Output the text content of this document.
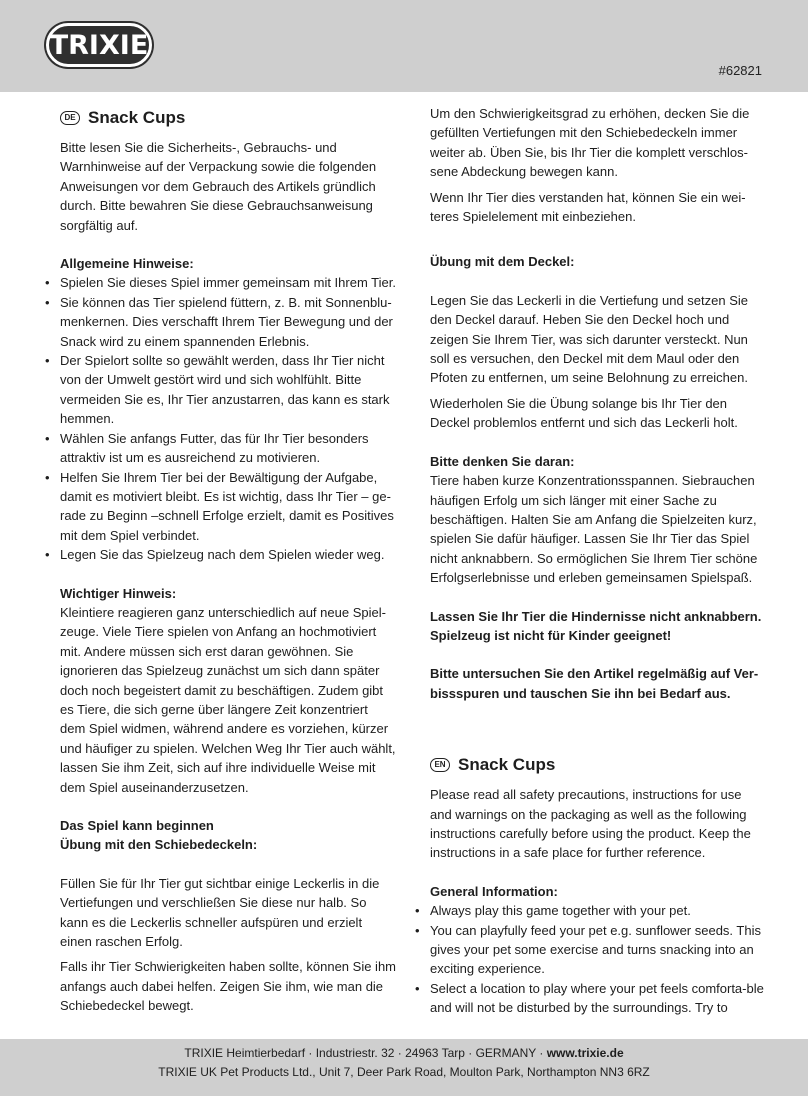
TRIXIE
#62821
DE Snack Cups

Bitte lesen Sie die Sicherheits-, Gebrauchs- und Warnhinweise auf der Verpackung sowie die folgenden Anweisungen vor dem Gebrauch des Artikels gründlich durch. Bitte bewahren Sie diese Gebrauchsanweisung sorgfältig auf.

Allgemeine Hinweise:

• Spielen Sie dieses Spiel immer gemeinsam mit Ihrem Tier.
• Sie können das Tier spielend füttern, z. B. mit Sonnenblu-menkernen. Dies verschafft Ihrem Tier Bewegung und der Snack wird zu einem spannenden Erlebnis.
• Der Spielort sollte so gewählt werden, dass Ihr Tier nicht von der Umwelt gestört wird und sich wohlfühlt. Bitte vermeiden Sie es, Ihr Tier anzustarren, das kann es stark hemmen.
• Wählen Sie anfangs Futter, das für Ihr Tier besonders attraktiv ist um es ausreichend zu motivieren.
• Helfen Sie Ihrem Tier bei der Bewältigung der Aufgabe, damit es motiviert bleibt. Es ist wichtig, dass Ihr Tier – ge-rade zu Beginn –schnell Erfolge erzielt, damit es Positives mit dem Spiel verbindet.
• Legen Sie das Spielzeug nach dem Spielen wieder weg.

Wichtiger Hinweis:

Kleintiere reagieren ganz unterschiedlich auf neue Spiel-zeuge. Viele Tiere spielen von Anfang an hochmotiviert mit. Andere müssen sich erst daran gewöhnen. Sie ignorieren das Spielzeug zunächst um sich dann später doch noch begeistert damit zu beschäftigen. Zudem gibt es Tiere, die sich gerne über längere Zeit konzentriert dem Spiel widmen, während andere es vorziehen, kürzer und häufiger zu spielen. Welchen Weg Ihr Tier auch wählt, lassen Sie ihm Zeit, sich auf ihre individuelle Weise mit dem Spiel auseinanderzusetzen.

Das Spiel kann beginnen

Übung mit den Schiebedeckeln:

Füllen Sie für Ihr Tier gut sichtbar einige Leckerlis in die Vertiefungen und verschließen Sie diese nur halb. So kann es die Leckerlis schneller aufspüren und erzielt einen raschen Erfolg.

Falls ihr Tier Schwierigkeiten haben sollte, können Sie ihm anfangs auch dabei helfen. Zeigen Sie ihm, wie man die Schiebedeckel bewegt.

Um den Schwierigkeitsgrad zu erhöhen, decken Sie die gefüllten Vertiefungen mit den Schiebedeckeln immer weiter ab. Üben Sie, bis Ihr Tier die komplett verschlos-sene Abdeckung bewegen kann.

Wenn Ihr Tier dies verstanden hat, können Sie ein wei-teres Spielelement mit einbeziehen.

Übung mit dem Deckel:

Legen Sie das Leckerli in die Vertiefung und setzen Sie den Deckel darauf. Heben Sie den Deckel hoch und zeigen Sie Ihrem Tier, was sich darunter versteckt. Nun soll es versuchen, den Deckel mit dem Maul oder den Pfoten zu entfernen, um seine Belohnung zu erreichen.

Wiederholen Sie die Übung solange bis Ihr Tier den Deckel problemlos entfernt und sich das Leckerli holt.

Bitte denken Sie daran:

Tiere haben kurze Konzentrationsspannen. Siebrauchen häufigen Erfolg um sich länger mit einer Sache zu beschäftigen. Halten Sie am Anfang die Spielzeiten kurz, spielen Sie dafür häufiger. Lassen Sie Ihr Tier das Spiel nicht anknabbern. So ermöglichen Sie Ihrem Tier schöne Erfolgserlebnisse und erleben gemeinsamen Spielspaß.

Lassen Sie Ihr Tier die Hindernisse nicht anknabbern. Spielzeug ist nicht für Kinder geeignet!

Bitte untersuchen Sie den Artikel regelmäßig auf Ver-bissspuren und tauschen Sie ihn bei Bedarf aus.

EN Snack Cups

Please read all safety precautions, instructions for use and warnings on the packaging as well as the following instructions carefully before using the product. Keep the instructions in a safe place for further reference.

General Information:

• Always play this game together with your pet.
• You can playfully feed your pet e.g. sunflower seeds. This gives your pet some exercise and turns snacking into an exciting experience.
• Select a location to play where your pet feels comforta-ble and will not be disturbed by the surroundings. Try to
TRIXIE Heimtierbedarf · Industriestr. 32 · 24963 Tarp · GERMANY · www.trixie.de
TRIXIE UK Pet Products Ltd., Unit 7, Deer Park Road, Moulton Park, Northampton NN3 6RZ
